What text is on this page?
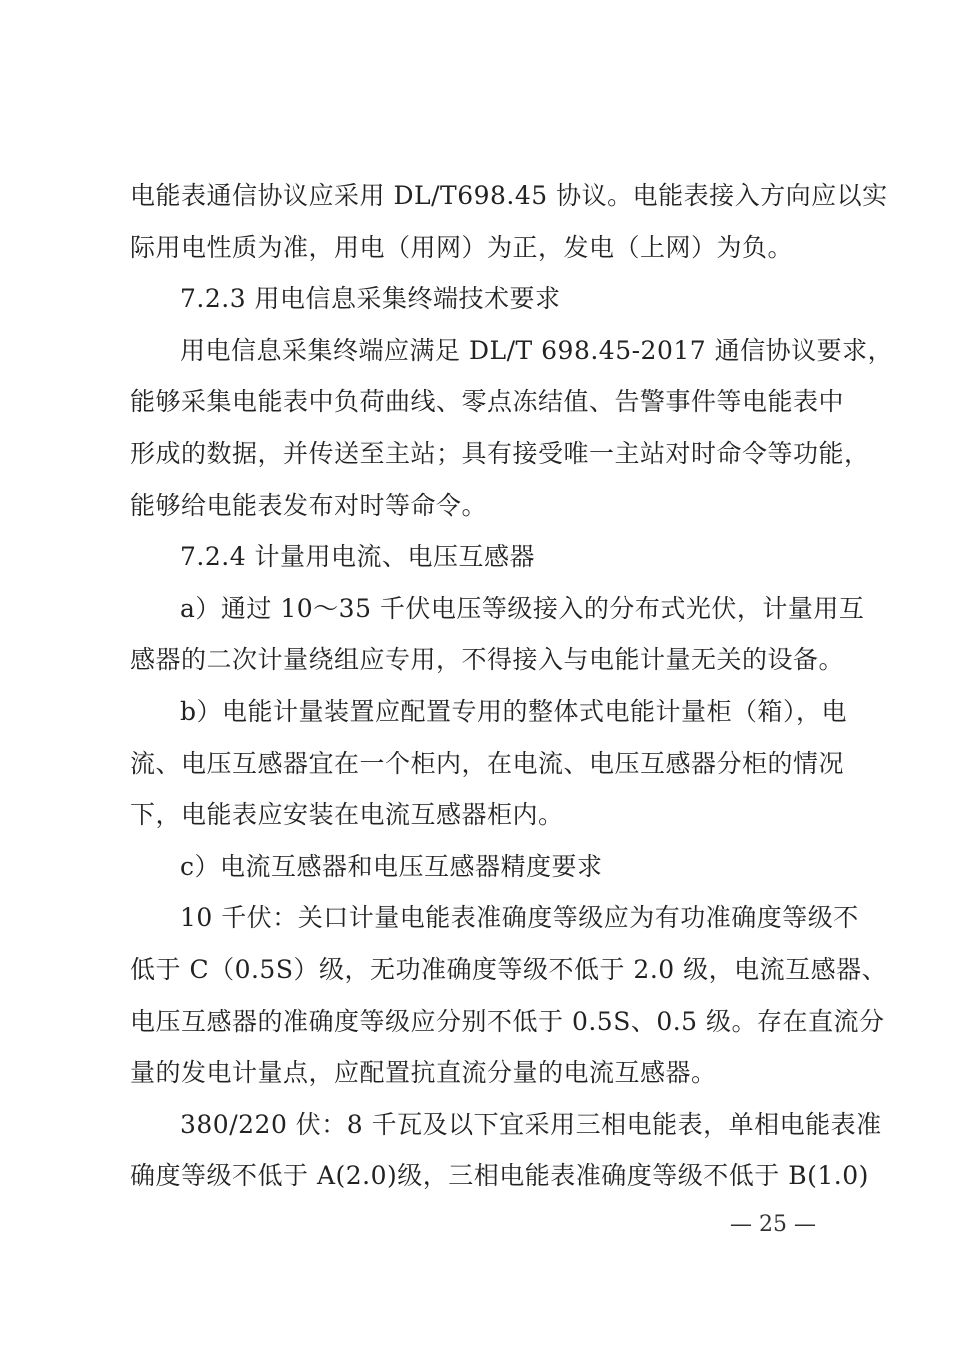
电能表通信协议应采用 DL/T698.45 协议。电能表接入方向应以实
际用电性质为准，用电（用网）为正，发电（上网）为负。
7.2.3 用电信息采集终端技术要求
用电信息采集终端应满足 DL/T 698.45-2017 通信协议要求，
能够采集电能表中负荷曲线、零点冻结值、告警事件等电能表中
形成的数据，并传送至主站；具有接受唯一主站对时命令等功能，
能够给电能表发布对时等命令。
7.2.4 计量用电流、电压互感器
a）通过 10～35 千伏电压等级接入的分布式光伏，计量用互
感器的二次计量绕组应专用，不得接入与电能计量无关的设备。
b）电能计量装置应配置专用的整体式电能计量柜（箱），电
流、电压互感器宜在一个柜内，在电流、电压互感器分柜的情况
下，电能表应安装在电流互感器柜内。
c）电流互感器和电压互感器精度要求
10 千伏：关口计量电能表准确度等级应为有功准确度等级不
低于 C（0.5S）级，无功准确度等级不低于 2.0 级，电流互感器、
电压互感器的准确度等级应分别不低于 0.5S、0.5 级。存在直流分
量的发电计量点，应配置抗直流分量的电流互感器。
380/220 伏：8 千瓦及以下宜采用三相电能表，单相电能表准
确度等级不低于 A(2.0)级，三相电能表准确度等级不低于 B(1.0)
— 25 —
